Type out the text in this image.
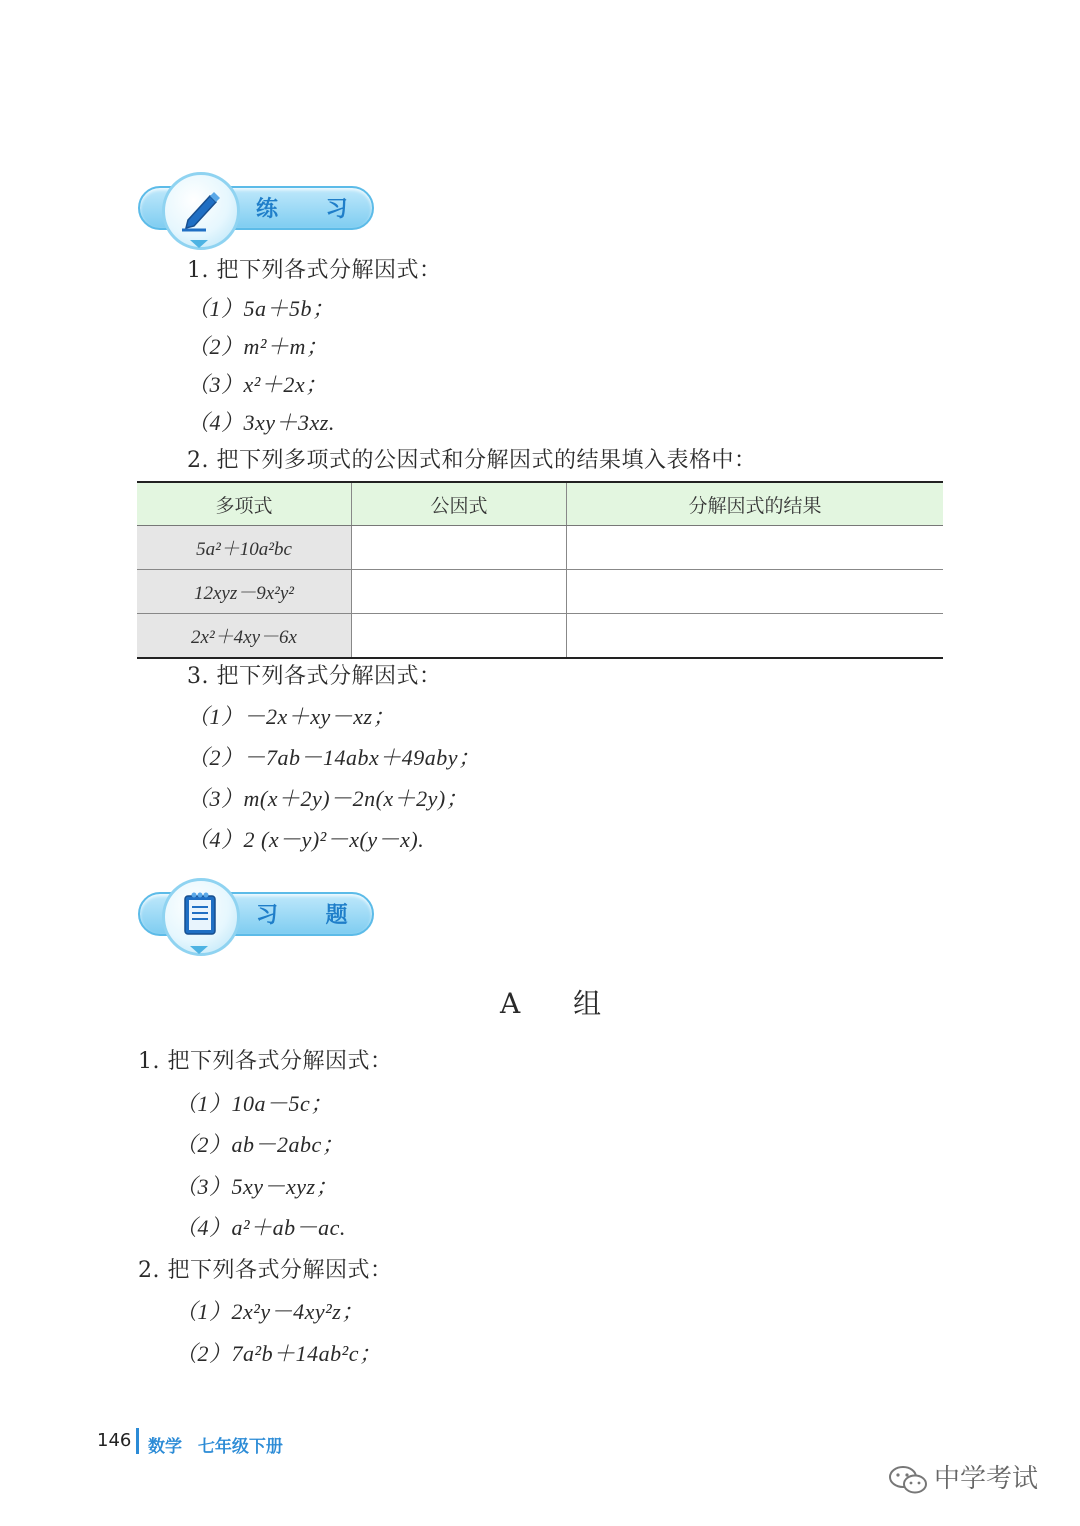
练 习
1. 把下列各式分解因式：
（1）5a＋5b；
（2）m²＋m；
（3）x²＋2x；
（4）3xy＋3xz.
2. 把下列多项式的公因式和分解因式的结果填入表格中：
多项式	公因式	分解因式的结果
5a²＋10a²bc		
12xyz－9x²y²		
2x²＋4xy－6x		
3. 把下列各式分解因式：
（1）－2x＋xy－xz；
（2）－7ab－14abx＋49aby；
（3）m(x＋2y)－2n(x＋2y)；
（4）2 (x－y)²－x(y－x).
习 题
A 组
1. 把下列各式分解因式：
（1）10a－5c；
（2）ab－2abc；
（3）5xy－xyz；
（4）a²＋ab－ac.
2. 把下列各式分解因式：
（1）2x²y－4xy²z；
（2）7a²b＋14ab²c；
146 数学 七年级下册
中学考试
